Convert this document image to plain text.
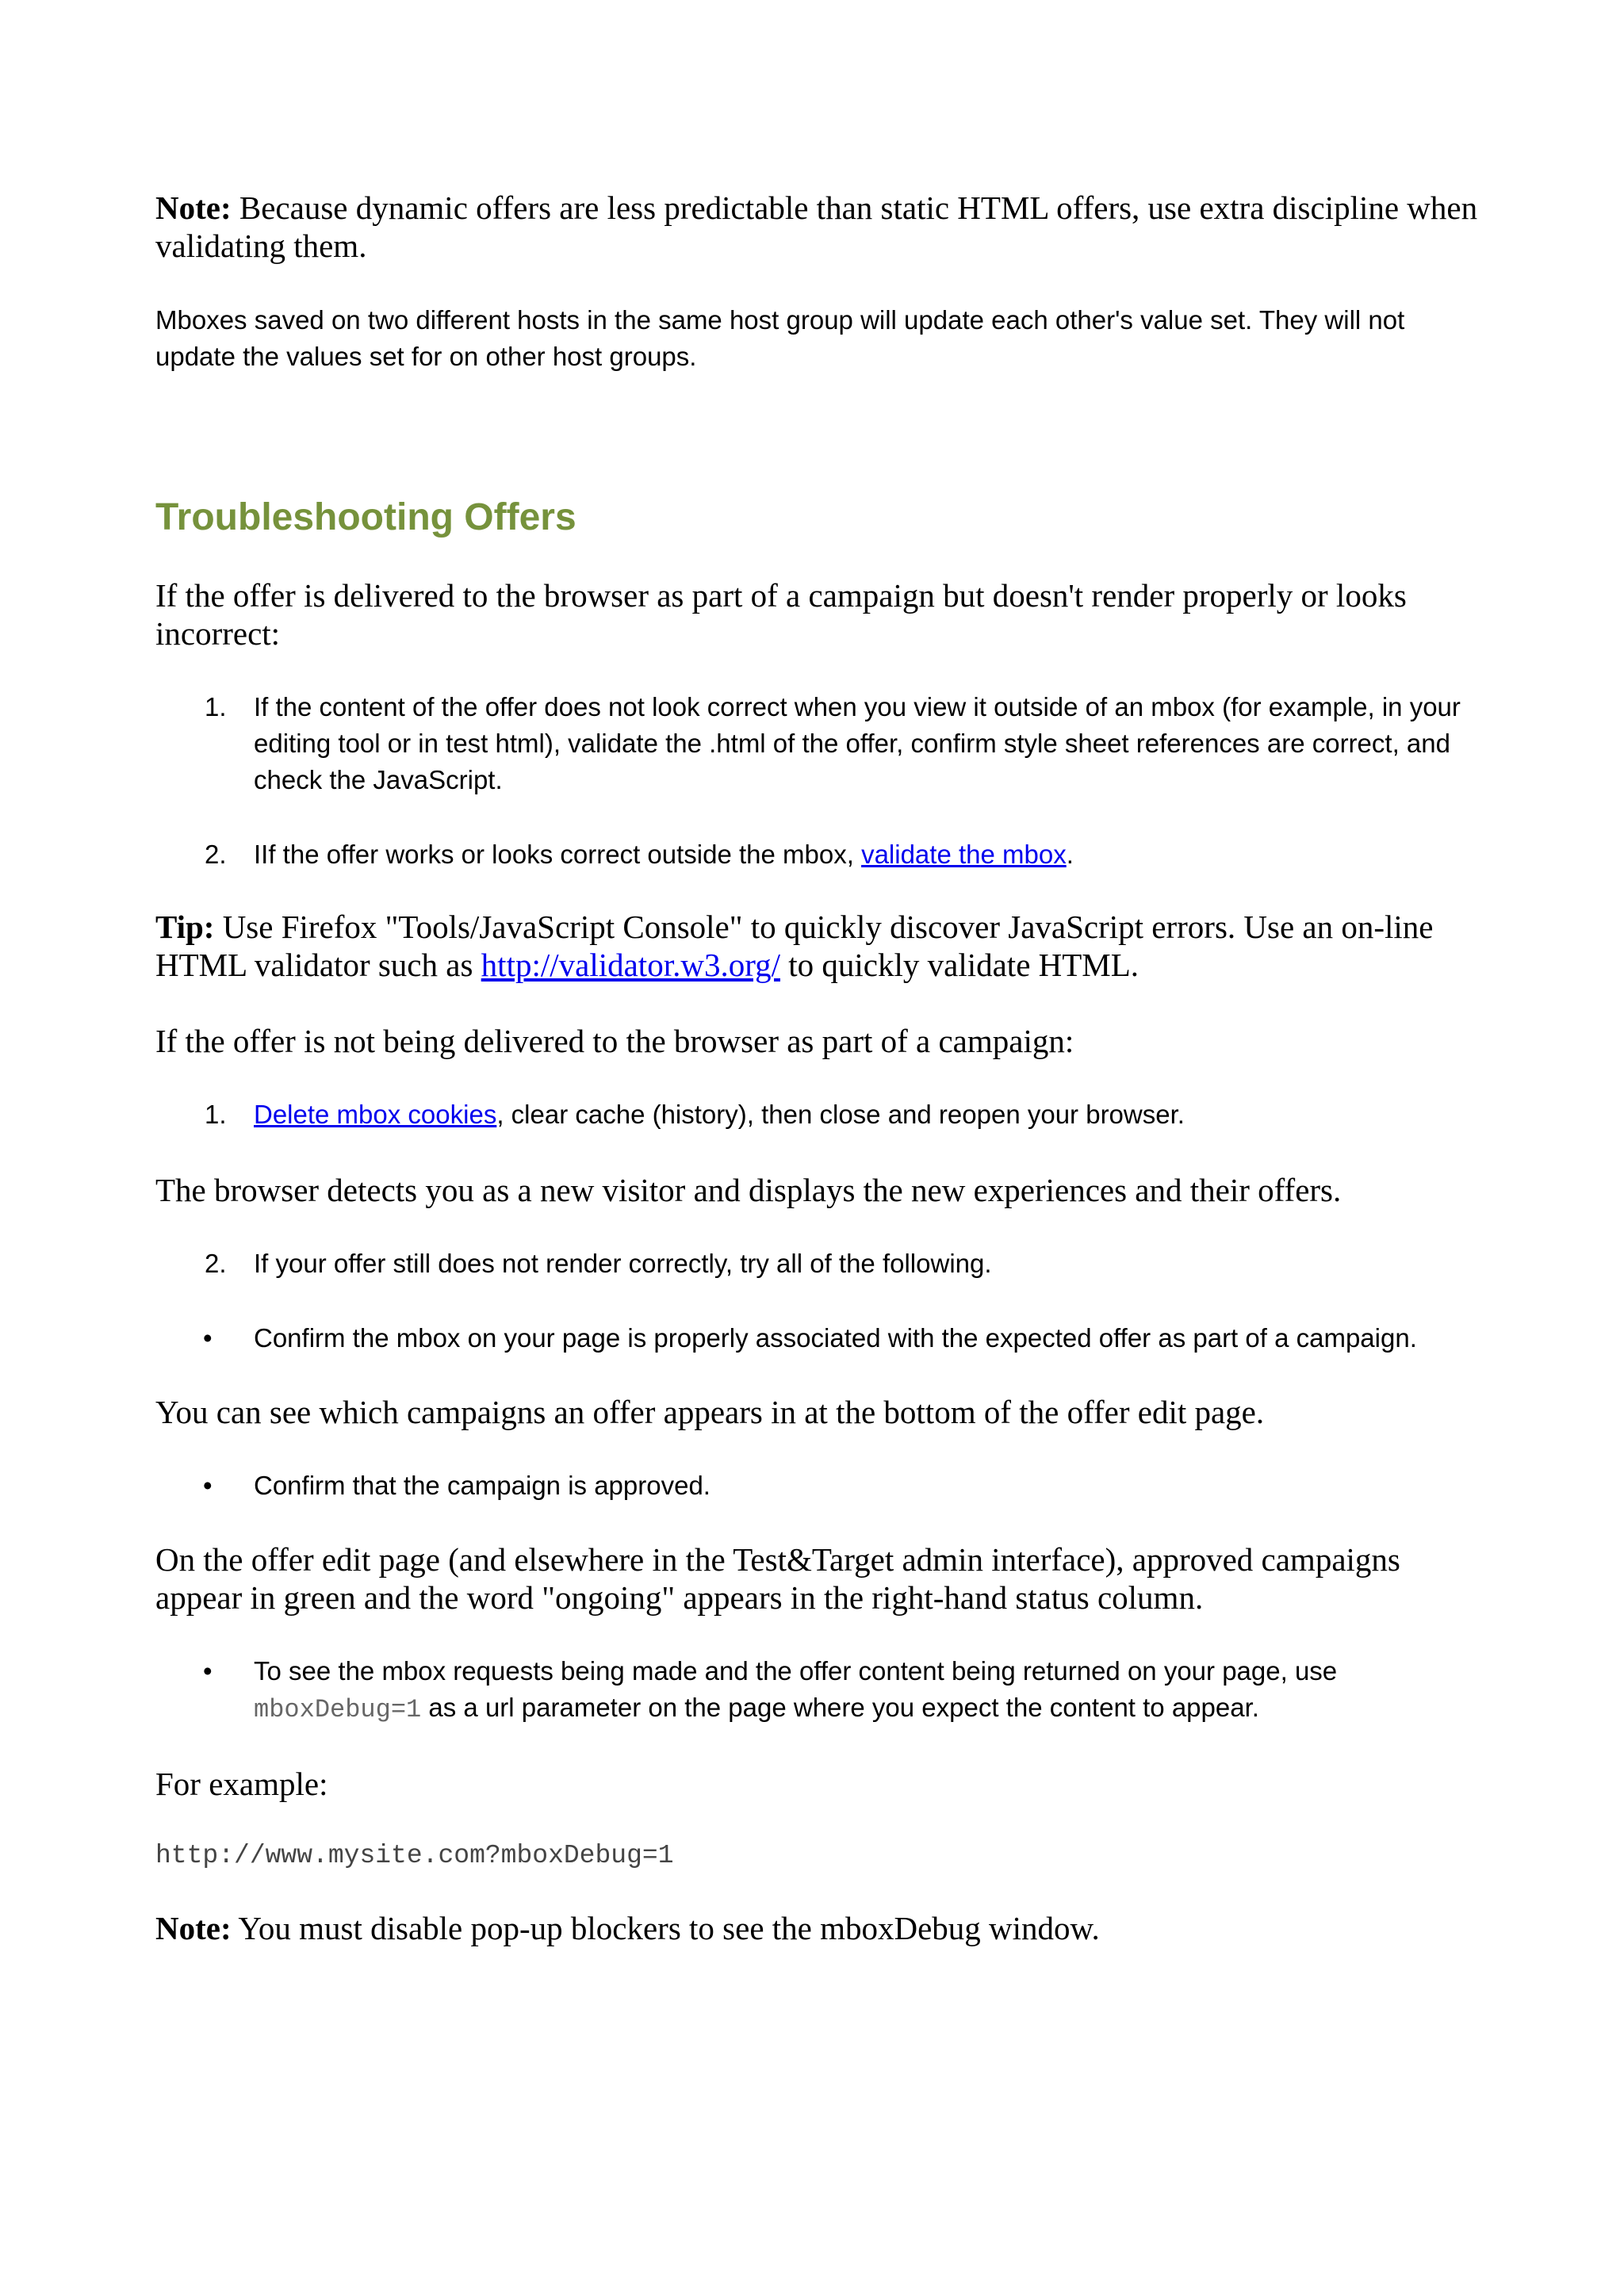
Note: Because dynamic offers are less predictable than static HTML offers, use extra discipline when validating them.

Mboxes saved on two different hosts in the same host group will update each other's value set. They will not update the values set for on other host groups.

Troubleshooting Offers

If the offer is delivered to the browser as part of a campaign but doesn't render properly or looks incorrect:

1. If the content of the offer does not look correct when you view it outside of an mbox (for example, in your editing tool or in test html), validate the .html of the offer, confirm style sheet references are correct, and check the JavaScript.
2. IIf the offer works or looks correct outside the mbox, validate the mbox.

Tip: Use Firefox "Tools/JavaScript Console" to quickly discover JavaScript errors. Use an on-line HTML validator such as http://validator.w3.org/ to quickly validate HTML.

If the offer is not being delivered to the browser as part of a campaign:

1. Delete mbox cookies, clear cache (history), then close and reopen your browser.

The browser detects you as a new visitor and displays the new experiences and their offers.

2. If your offer still does not render correctly, try all of the following.
• Confirm the mbox on your page is properly associated with the expected offer as part of a campaign.

You can see which campaigns an offer appears in at the bottom of the offer edit page.

• Confirm that the campaign is approved.

On the offer edit page (and elsewhere in the Test&Target admin interface), approved campaigns appear in green and the word "ongoing" appears in the right-hand status column.

• To see the mbox requests being made and the offer content being returned on your page, use mboxDebug=1 as a url parameter on the page where you expect the content to appear.

For example:

http://www.mysite.com?mboxDebug=1

Note: You must disable pop-up blockers to see the mboxDebug window.
